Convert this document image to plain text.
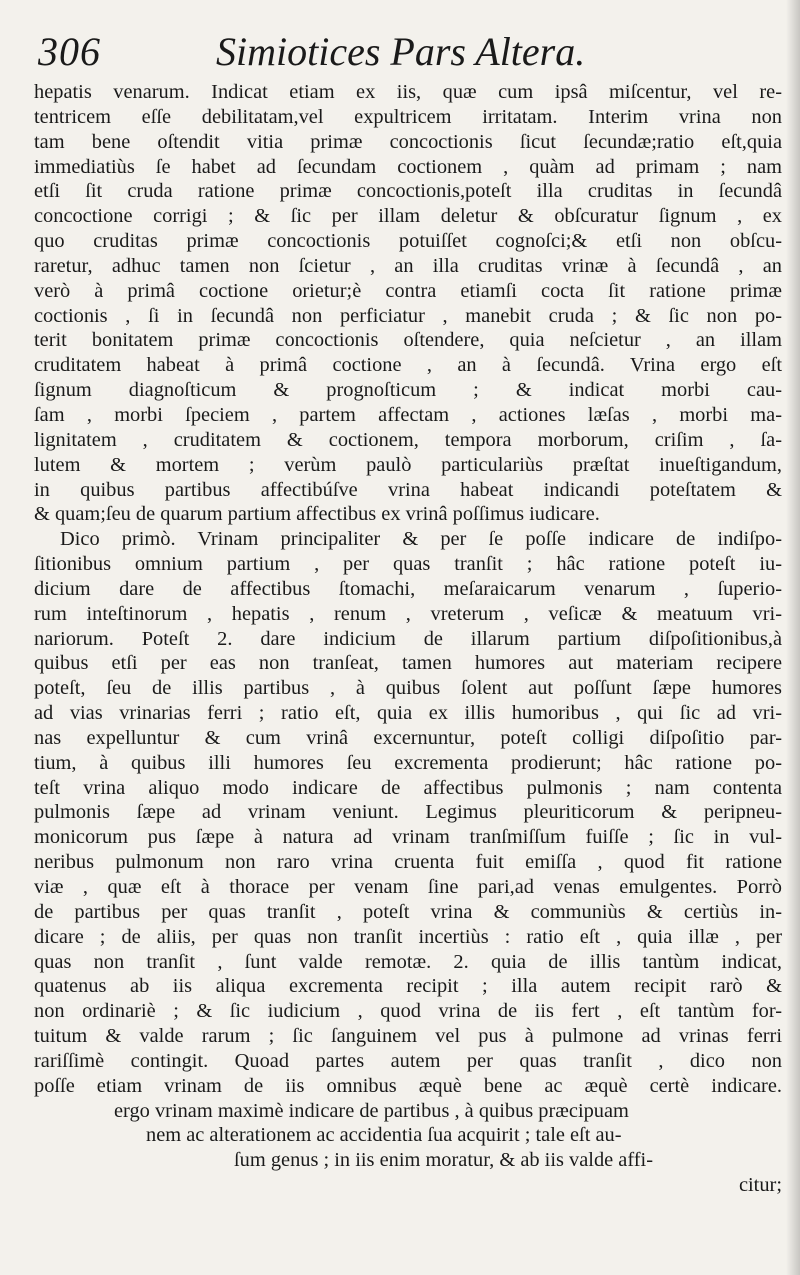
306	Simiotices Pars Altera.
hepatis venarum. Indicat etiam ex iis, quæ cum ipsâ miſcentur, vel re-
tentricem eſſe debilitatam,vel expultricem irritatam. Interim vrina non
tam bene oſtendit vitia primæ concoctionis ſicut ſecundæ;ratio eſt,quia
immediatiùs ſe habet ad ſecundam coctionem , quàm ad primam ; nam
etſi ſit cruda ratione primæ concoctionis,poteſt illa cruditas in ſecundâ
concoctione corrigi ; & ſic per illam deletur & obſcuratur ſignum , ex
quo cruditas primæ concoctionis potuiſſet cognoſci;& etſi non obſcu-
raretur, adhuc tamen non ſcietur , an illa cruditas vrinæ à ſecundâ , an
verò à primâ coctione orietur;è contra etiamſi cocta ſit ratione primæ
coctionis , ſi in ſecundâ non perficiatur , manebit cruda ; & ſic non po-
terit bonitatem primæ concoctionis oſtendere, quia neſcietur , an illam
cruditatem habeat à primâ coctione , an à ſecundâ. Vrina ergo eſt
ſignum diagnoſticum & prognoſticum ; & indicat morbi cau-
ſam , morbi ſpeciem , partem affectam , actiones læſas , morbi ma-
lignitatem , cruditatem & coctionem, tempora morborum, criſim , ſa-
lutem & mortem ; verùm paulò particulariùs præſtat inueſtigandum,
in quibus partibus affectibúſve vrina habeat indicandi poteſtatem &
& quam;ſeu de quarum partium affectibus ex vrinâ poſſimus iudicare.
Dico primò. Vrinam principaliter & per ſe poſſe indicare de indiſpo-
ſitionibus omnium partium , per quas tranſit ; hâc ratione poteſt iu-
dicium dare de affectibus ſtomachi, meſaraicarum venarum , ſuperio-
rum inteſtinorum , hepatis , renum , vreterum , veſicæ & meatuum vri-
nariorum. Poteſt 2. dare indicium de illarum partium diſpoſitionibus,à
quibus etſi per eas non tranſeat, tamen humores aut materiam recipere
poteſt, ſeu de illis partibus , à quibus ſolent aut poſſunt ſæpe humores
ad vias vrinarias ferri ; ratio eſt, quia ex illis humoribus , qui ſic ad vri-
nas expelluntur & cum vrinâ excernuntur, poteſt colligi diſpoſitio par-
tium, à quibus illi humores ſeu excrementa prodierunt; hâc ratione po-
teſt vrina aliquo modo indicare de affectibus pulmonis ; nam contenta
pulmonis ſæpe ad vrinam veniunt. Legimus pleuriticorum & peripneu-
monicorum pus ſæpe à natura ad vrinam tranſmiſſum fuiſſe ; ſic in vul-
neribus pulmonum non raro vrina cruenta fuit emiſſa , quod fit ratione
viæ , quæ eſt à thorace per venam ſine pari,ad venas emulgentes. Porrò
de partibus per quas tranſit , poteſt vrina & communiùs & certiùs in-
dicare ; de aliis, per quas non tranſit incertiùs : ratio eſt , quia illæ , per
quas non tranſit , ſunt valde remotæ. 2. quia de illis tantùm indicat,
quatenus ab iis aliqua excrementa recipit ; illa autem recipit rarò &
non ordinariè ; & ſic iudicium , quod vrina de iis fert , eſt tantùm for-
tuitum & valde rarum ; ſic ſanguinem vel pus à pulmone ad vrinas ferri
rariſſimè contingit. Quoad partes autem per quas tranſit , dico non
poſſe etiam vrinam de iis omnibus æquè bene ac æquè certè indicare.
ergo vrinam maximè indicare de partibus , à quibus præcipuam
nem ac alterationem ac accidentia ſua acquirit ; tale eſt au-
ſum genus ; in iis enim moratur, & ab iis valde affi-
citur;
